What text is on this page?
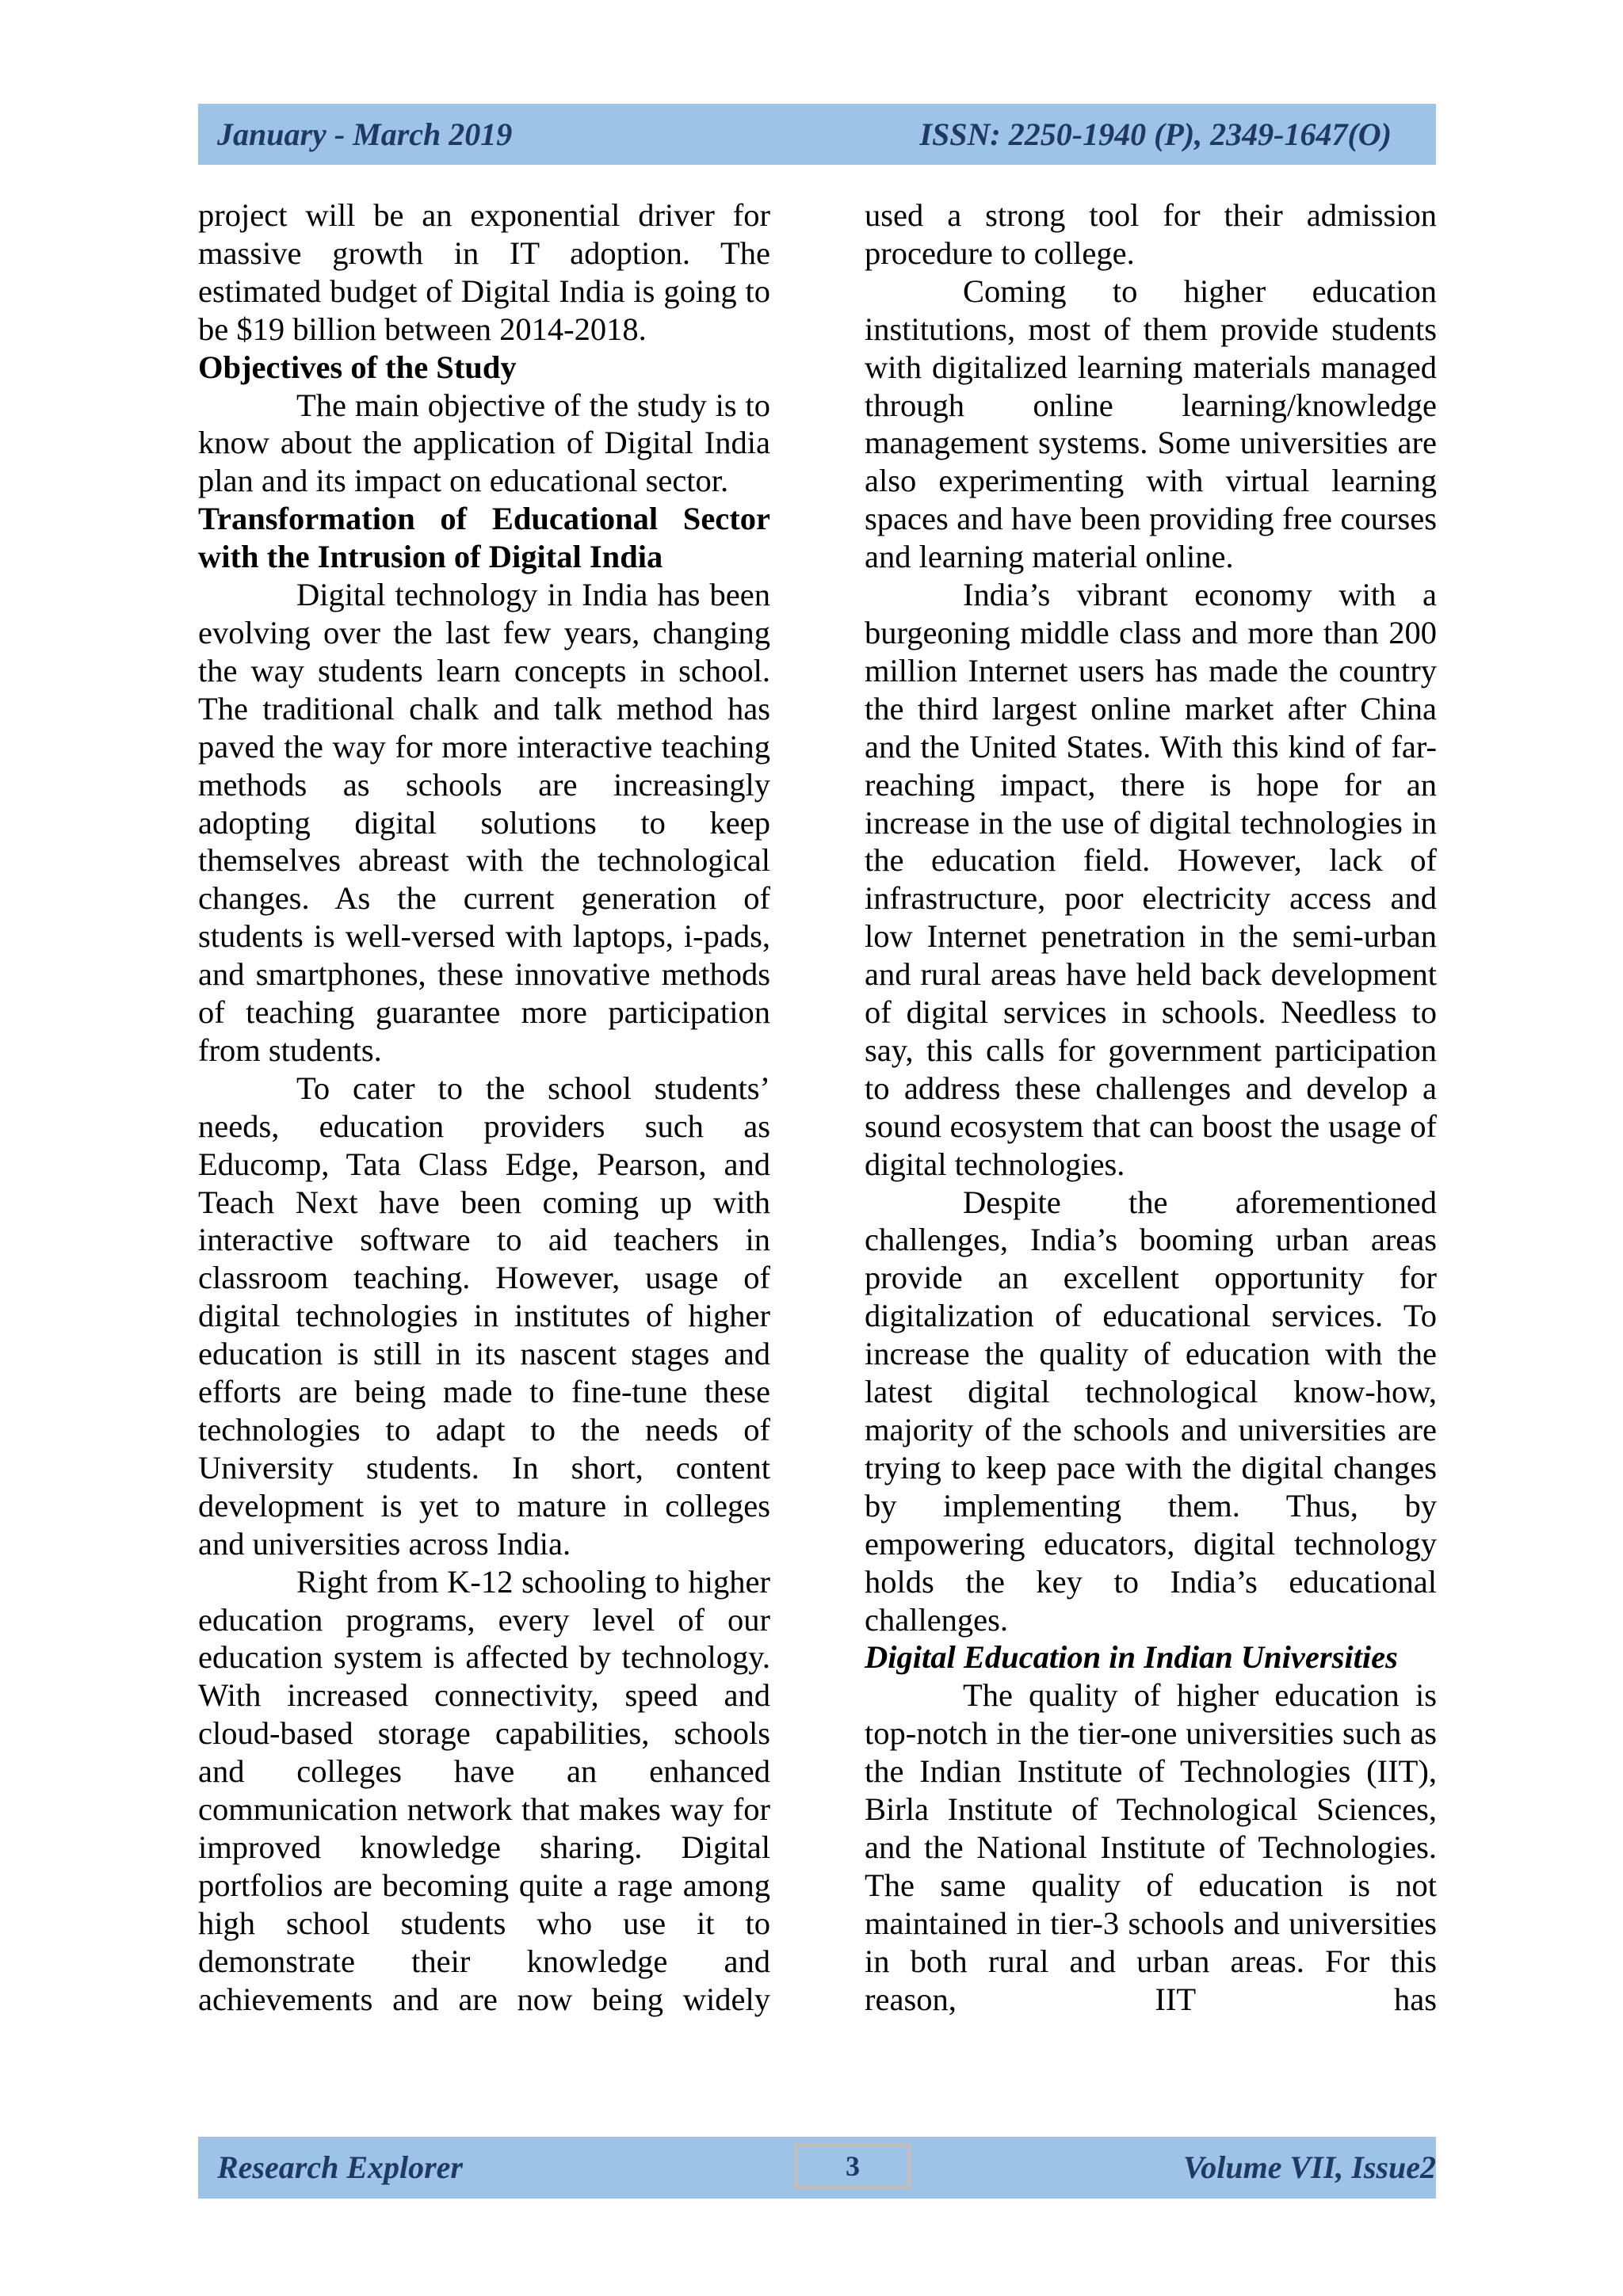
January - March 2019	ISSN: 2250-1940 (P), 2349-1647(O)

project will be an exponential driver for massive growth in IT adoption. The estimated budget of Digital India is going to be $19 billion between 2014-2018.

Objectives of the Study

The main objective of the study is to know about the application of Digital India plan and its impact on educational sector.

Transformation of Educational Sector with the Intrusion of Digital India

Digital technology in India has been evolving over the last few years, changing the way students learn concepts in school. The traditional chalk and talk method has paved the way for more interactive teaching methods as schools are increasingly adopting digital solutions to keep themselves abreast with the technological changes. As the current generation of students is well-versed with laptops, i-pads, and smartphones, these innovative methods of teaching guarantee more participation from students.

To cater to the school students’ needs, education providers such as Educomp, Tata Class Edge, Pearson, and Teach Next have been coming up with interactive software to aid teachers in classroom teaching. However, usage of digital technologies in institutes of higher education is still in its nascent stages and efforts are being made to fine-tune these technologies to adapt to the needs of University students. In short, content development is yet to mature in colleges and universities across India.

Right from K-12 schooling to higher education programs, every level of our education system is affected by technology. With increased connectivity, speed and cloud-based storage capabilities, schools and colleges have an enhanced communication network that makes way for improved knowledge sharing. Digital portfolios are becoming quite a rage among high school students who use it to demonstrate their knowledge and achievements and are now being widely

used a strong tool for their admission procedure to college.

Coming to higher education institutions, most of them provide students with digitalized learning materials managed through online learning/knowledge management systems. Some universities are also experimenting with virtual learning spaces and have been providing free courses and learning material online.

India’s vibrant economy with a burgeoning middle class and more than 200 million Internet users has made the country the third largest online market after China and the United States. With this kind of far-reaching impact, there is hope for an increase in the use of digital technologies in the education field. However, lack of infrastructure, poor electricity access and low Internet penetration in the semi-urban and rural areas have held back development of digital services in schools. Needless to say, this calls for government participation to address these challenges and develop a sound ecosystem that can boost the usage of digital technologies.

Despite the aforementioned challenges, India’s booming urban areas provide an excellent opportunity for digitalization of educational services. To increase the quality of education with the latest digital technological know-how, majority of the schools and universities are trying to keep pace with the digital changes by implementing them. Thus, by empowering educators, digital technology holds the key to India’s educational challenges.

Digital Education in Indian Universities

The quality of higher education is top-notch in the tier-one universities such as the Indian Institute of Technologies (IIT), Birla Institute of Technological Sciences, and the National Institute of Technologies. The same quality of education is not maintained in tier-3 schools and universities in both rural and urban areas. For this reason, IIT has

Research Explorer	3	Volume VII, Issue2
